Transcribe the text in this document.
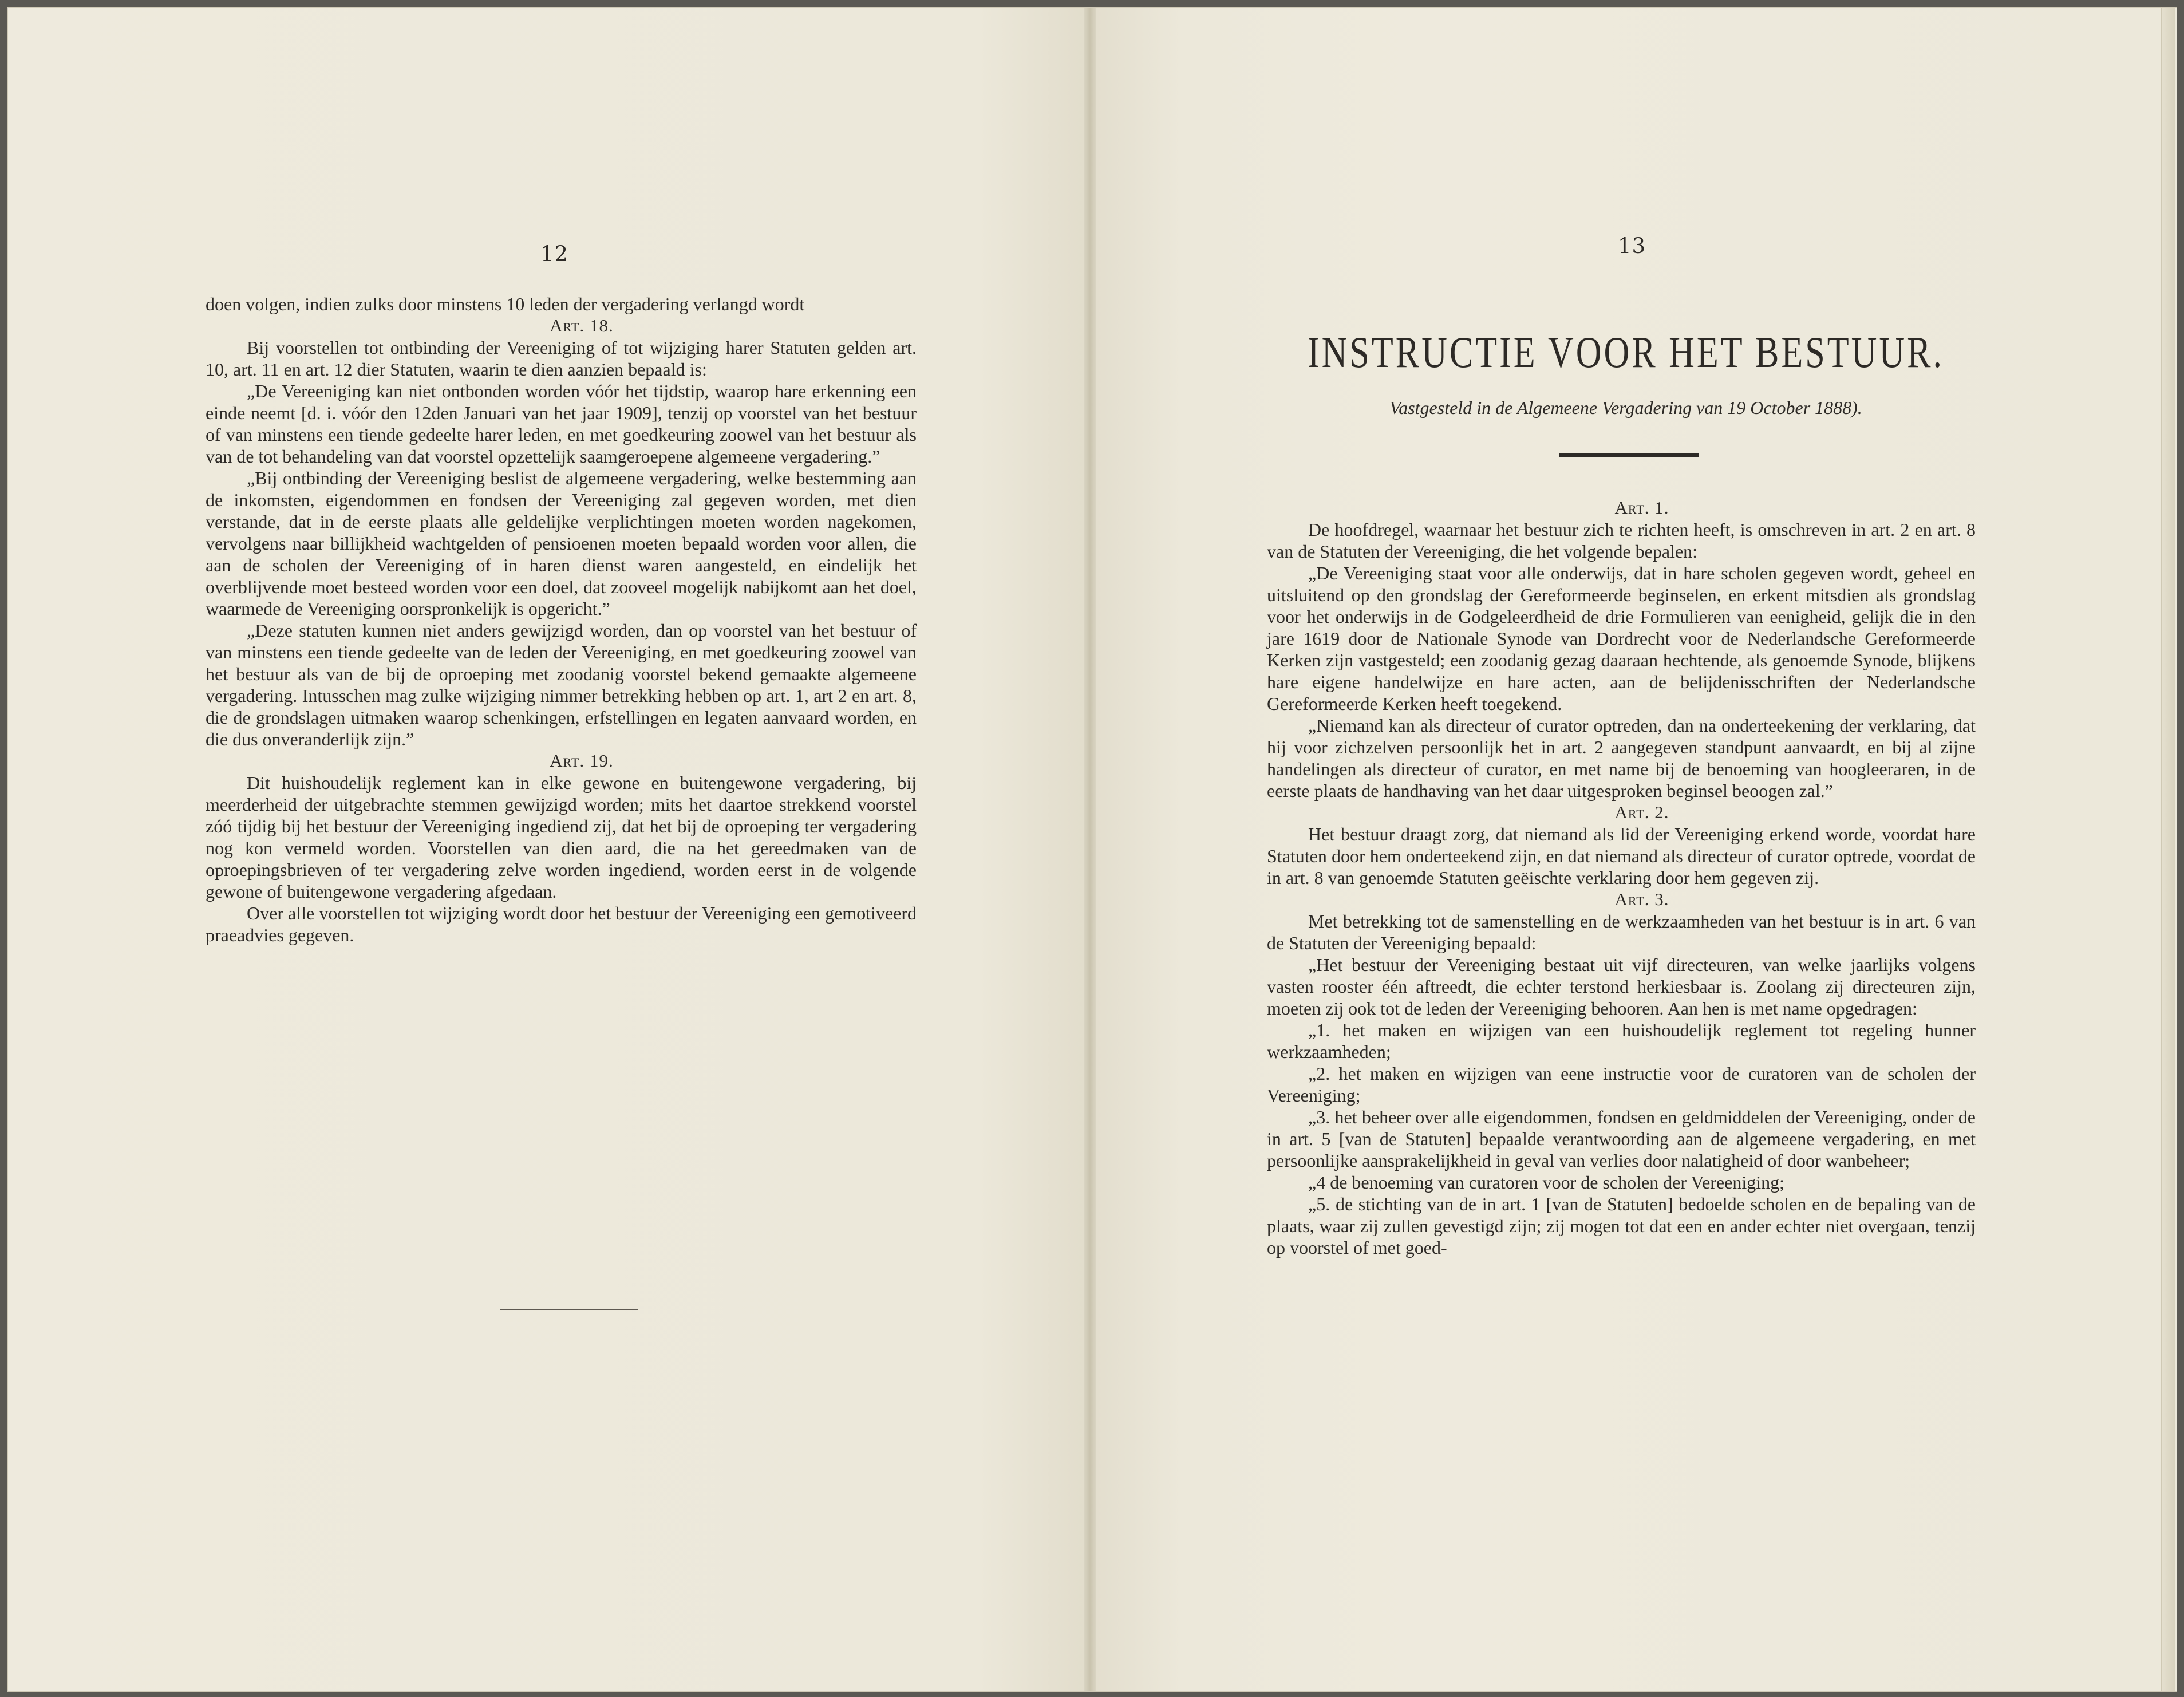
12

doen volgen, indien zulks door minstens 10 leden der vergadering verlangd wordt

Art. 18.

Bij voorstellen tot ontbinding der Vereeniging of tot wijziging harer Statuten gelden art. 10, art. 11 en art. 12 dier Statuten, waarin te dien aanzien bepaald is:

„De Vereeniging kan niet ontbonden worden vóór het tijdstip, waarop hare erkenning een einde neemt [d. i. vóór den 12den Januari van het jaar 1909], tenzij op voorstel van het bestuur of van minstens een tiende gedeelte harer leden, en met goedkeuring zoowel van het bestuur als van de tot behandeling van dat voorstel opzettelijk saamgeroepene algemeene vergadering.”

„Bij ontbinding der Vereeniging beslist de algemeene vergadering, welke bestemming aan de inkomsten, eigendommen en fondsen der Vereeniging zal gegeven worden, met dien verstande, dat in de eerste plaats alle geldelijke verplichtingen moeten worden nagekomen, vervolgens naar billijkheid wachtgelden of pensioenen moeten bepaald worden voor allen, die aan de scholen der Vereeniging of in haren dienst waren aangesteld, en eindelijk het overblijvende moet besteed worden voor een doel, dat zooveel mogelijk nabijkomt aan het doel, waarmede de Vereeniging oorspronkelijk is opgericht.”

„Deze statuten kunnen niet anders gewijzigd worden, dan op voorstel van het bestuur of van minstens een tiende gedeelte van de leden der Vereeniging, en met goedkeuring zoowel van het bestuur als van de bij de oproeping met zoodanig voorstel bekend gemaakte algemeene vergadering. Intusschen mag zulke wijziging nimmer betrekking hebben op art. 1, art 2 en art. 8, die de grondslagen uitmaken waarop schenkingen, erfstellingen en legaten aanvaard worden, en die dus onveranderlijk zijn.”

Art. 19.

Dit huishoudelijk reglement kan in elke gewone en buitengewone vergadering, bij meerderheid der uitgebrachte stemmen gewijzigd worden; mits het daartoe strekkend voorstel zóó tijdig bij het bestuur der Vereeniging ingediend zij, dat het bij de oproeping ter vergadering nog kon vermeld worden. Voorstellen van dien aard, die na het gereedmaken van de oproepingsbrieven of ter vergadering zelve worden ingediend, worden eerst in de volgende gewone of buitengewone vergadering afgedaan.

Over alle voorstellen tot wijziging wordt door het bestuur der Vereeniging een gemotiveerd praeadvies gegeven.

13
INSTRUCTIE VOOR HET BESTUUR.
Vastgesteld in de Algemeene Vergadering van 19 October 1888).

Art. 1.

De hoofdregel, waarnaar het bestuur zich te richten heeft, is omschreven in art. 2 en art. 8 van de Statuten der Vereeniging, die het volgende bepalen:

„De Vereeniging staat voor alle onderwijs, dat in hare scholen gegeven wordt, geheel en uitsluitend op den grondslag der Gereformeerde beginselen, en erkent mitsdien als grondslag voor het onderwijs in de Godgeleerdheid de drie Formulieren van eenigheid, gelijk die in den jare 1619 door de Nationale Synode van Dordrecht voor de Nederlandsche Gereformeerde Kerken zijn vastgesteld; een zoodanig gezag daaraan hechtende, als genoemde Synode, blijkens hare eigene handelwijze en hare acten, aan de belijdenisschriften der Nederlandsche Gereformeerde Kerken heeft toegekend.

„Niemand kan als directeur of curator optreden, dan na onderteekening der verklaring, dat hij voor zichzelven persoonlijk het in art. 2 aangegeven standpunt aanvaardt, en bij al zijne handelingen als directeur of curator, en met name bij de benoeming van hoogleeraren, in de eerste plaats de handhaving van het daar uitgesproken beginsel beoogen zal.”

Art. 2.

Het bestuur draagt zorg, dat niemand als lid der Vereeniging erkend worde, voordat hare Statuten door hem onderteekend zijn, en dat niemand als directeur of curator optrede, voordat de in art. 8 van genoemde Statuten geëischte verklaring door hem gegeven zij.

Art. 3.

Met betrekking tot de samenstelling en de werkzaamheden van het bestuur is in art. 6 van de Statuten der Vereeniging bepaald:

„Het bestuur der Vereeniging bestaat uit vijf directeuren, van welke jaarlijks volgens vasten rooster één aftreedt, die echter terstond herkiesbaar is. Zoolang zij directeuren zijn, moeten zij ook tot de leden der Vereeniging behooren. Aan hen is met name opgedragen:

„1. het maken en wijzigen van een huishoudelijk reglement tot regeling hunner werkzaamheden;

„2. het maken en wijzigen van eene instructie voor de curatoren van de scholen der Vereeniging;

„3. het beheer over alle eigendommen, fondsen en geldmiddelen der Vereeniging, onder de in art. 5 [van de Statuten] bepaalde verantwoording aan de algemeene vergadering, en met persoonlijke aansprakelijkheid in geval van verlies door nalatigheid of door wanbeheer;

„4 de benoeming van curatoren voor de scholen der Vereeniging;

„5. de stichting van de in art. 1 [van de Statuten] bedoelde scholen en de bepaling van de plaats, waar zij zullen gevestigd zijn; zij mogen tot dat een en ander echter niet overgaan, tenzij op voorstel of met goed-
